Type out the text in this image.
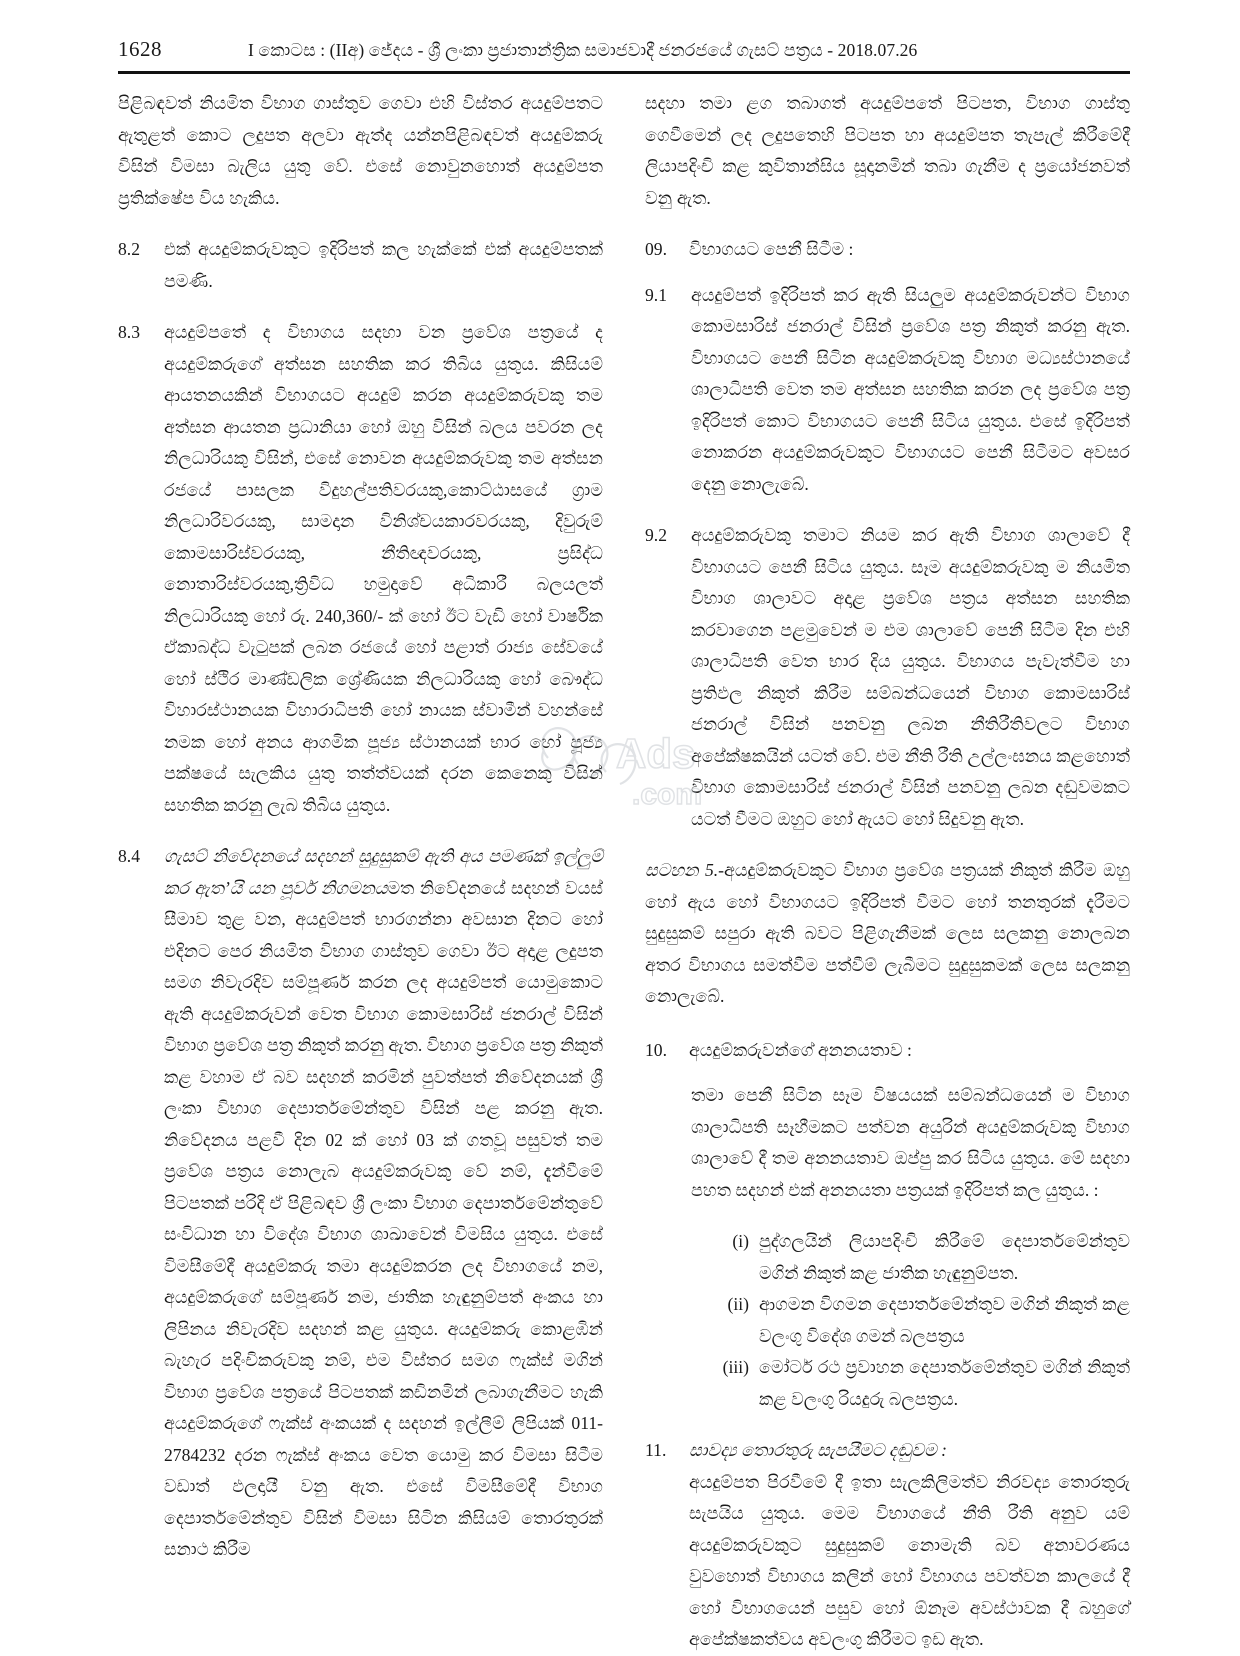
1628	I කොටස : (IIඅ) ජේදය - ශ්‍රී ලංකා ප්‍රජාතාන්ත්‍රික සමාජවාදී ජනරජයේ ගැසට් පත්‍රය - 2018.07.26

පිළිබඳවත් නියමිත විභාග ගාස්තුව ගෙවා එහි විස්තර අයදුම්පතට ඇතුළත් කොට ලදුපත අලවා ඇත්ද යන්නපිළිබඳවත් අයදුම්කරු විසින් විමසා බැලිය යුතු වේ. එසේ නොවුනහොත් අයදුම්පත ප්‍රතික්ෂේප විය හැකිය.

8.2	එක් අයදුම්කරුවකුට ඉදිරිපත් කල හැක්කේ එක් අයදුම්පතක් පමණි.
8.3	අයදුම්පතේ ද විභාගය සදහා වන ප්‍රවේශ පත්‍රයේ ද අයදුම්කරුගේ අත්සන සහතික කර තිබිය යුතුය. කිසියම් ආයතනයකින් විභාගයට අයදුම් කරන අයදුම්කරුවකු තම අත්සන ආයතන ප්‍රධානියා හෝ ඔහු විසින් බලය පවරන ලද නිලධාරියකු විසින්, එසේ නොවන අයදුම්කරුවකු තම අත්සන රජයේ පාසලක විදුහල්පතිවරයකු,කොට්ඨාසයේ ග්‍රාම නිලධාරිවරයකු, සාමදාන විනිශ්චයකාරවරයකු, දිවුරුම් කොමසාරිස්වරයකු, නීතිඥවරයකු, ප්‍රසිද්ධ නොතාරිස්වරයකු,ත්‍රිවිධ හමුදාවේ අධිකාරී බලයලත් නිලධාරියකු හෝ රු. 240,360/- ක් හෝ ඊට වැඩි හෝ වාර්ෂික ඒකාබද්ධ වැටුපක් ලබන රජයේ හෝ පළාත් රාජ්‍ය සේවයේ හෝ ස්ථිර මාණ්ඩලික ශ්‍රේණියක නිලධාරියකු හෝ බෞද්ධ විහාරස්ථානයක විහාරාධිපති හෝ නායක ස්වාමීන් වහන්සේ නමක හෝ අනය ආගමික පූජ්‍ය ස්ථානයක් භාර හෝ පූජ්‍ය පක්ෂයේ සැලකිය යුතු තත්ත්වයක් දරන කෙනෙකු විසින් සහතික කරනු ලැබ තිබිය යුතුය.
8.4	ගැසට් නිවේදනයේ සදහන් සුදුසුකම් ඇති අය පමණක් ඉල්ලුම් කර ඇත’යි යන පූර්ව නිගමනයමත නිවේදනයේ සදහන් වයස් සීමාව තුළ වන, අයදුම්පත් භාරගන්නා අවසාන දිනට හෝ එදිනට පෙර නියමිත විභාග ගාස්තුව ගෙවා ඊට අදාළ ලදුපත සමග නිවැරදිව සම්පූර්ණ කරන ලද අයදුම්පත් යොමුකොට ඇති අයදුම්කරුවන් වෙත විභාග කොමසාරිස් ජනරාල් විසින් විභාග ප්‍රවේශ පත්‍ර නිකුත් කරනු ඇත. විභාග ප්‍රවේශ පත්‍ර නිකුත් කළ වහාම ඒ බව සදහන් කරමින් පුවත්පත් නිවේදනයක් ශ්‍රී ලංකා විභාග දෙපාර්තමේන්තුව විසින් පළ කරනු ඇත. නිවේදනය පළවී දින 02 ක් හෝ 03 ක් ගතවූ පසුවත් තම ප්‍රවේශ පත්‍රය නොලැබ අයදුම්කරුවකු වේ නම්, දැන්වීමේ පිටපතක් පරිදි ඒ පිළිබඳව ශ්‍රී ලංකා විභාග දෙපාර්තමේන්තුවේ සංවිධාන හා විදේශ විභාග ශාඛාවෙන් විමසිය යුතුය. එසේ විමසීමේදී අයදුම්කරු තමා අයදුම්කරන ලද විභාගයේ නම, අයදුම්කරුගේ සම්පූර්ණ නම, ජාතික හැඳුනුම්පත් අංකය හා ලිපිනය නිවැරදිව සදහන් කළ යුතුය. අයදුම්කරු කොළඹින් බැහැර පදිංචිකරුවකු නම්, එම විස්තර සමග ෆැක්ස් මගින් විභාග ප්‍රවේශ පත්‍රයේ පිටපතක් කඩිනමින් ලබාගැනීමට හැකි අයදුම්කරුගේ ෆැක්ස් අංකයක් ද සදහන් ඉල්ලීම් ලිපියක් 011-2784232 දරන ෆැක්ස් අංකය වෙත යොමු කර විමසා සිටීම වඩාත් ඵලදායී වනු ඇත. එසේ විමසීමේදී විභාග දෙපාර්තමේන්තුව විසින් විමසා සිටින කිසියම් තොරතුරක් සනාථ කිරීම

සදහා තමා ළග තබාගත් අයදුම්පතේ පිටපත, විභාග ගාස්තු ගෙවීමෙන් ලද ලදුපතෙහි පිටපත හා අයදුම්පත තැපැල් කිරීමේදී ලියාපදිංචි කළ කුවිතාන්සිය සූදානමින් තබා ගැනීම ද ප්‍රයෝජනවත් වනු ඇත.

09.	විභාගයට පෙනී සිටීම :
9.1	අයදුම්පත් ඉදිරිපත් කර ඇති සියලුම අයදුම්කරුවන්ට විභාග කොමසාරිස් ජනරාල් විසින් ප්‍රවේශ පත්‍ර නිකුත් කරනු ඇත. විභාගයට පෙනී සිටින අයදුම්කරුවකු විභාග මධ්‍යස්ථානයේ ශාලාධිපති වෙත තම අත්සන සහතික කරන ලද ප්‍රවේශ පත්‍ර ඉදිරිපත් කොට විභාගයට පෙනී සිටිය යුතුය. එසේ ඉදිරිපත් නොකරන අයදුම්කරුවකුට විභාගයට පෙනී සිටීමට අවසර දෙනු නොලැබේ.
9.2	අයදුම්කරුවකු තමාට නියම කර ඇති විභාග ශාලාවේ දී විභාගයට පෙනී සිටිය යුතුය. සෑම අයදුම්කරුවකු ම නියමිත විභාග ශාලාවට අදාළ ප්‍රවේශ පත්‍රය අත්සන සහතික කරවාගෙන පළමුවෙන් ම එම ශාලාවේ පෙනී සිටීම දින එහි ශාලාධිපති වෙත භාර දිය යුතුය. විභාගය පැවැත්වීම හා ප්‍රතිඵල නිකුත් කිරීම සම්බන්ධයෙන් විභාග කොමසාරිස් ජනරාල් විසින් පනවනු ලබන නීතිරීතිවලට විභාග අපේක්ෂකයින් යටත් වේ. එම නීති රීති උල්ලංඝනය කළහොත් විභාග කොමසාරිස් ජනරාල් විසින් පනවනු ලබන දඬුවමකට යටත් වීමට ඔහුට හෝ ඇයට හෝ සිදුවනු ඇත.
සටහන 5.-අයදුම්කරුවකුට විභාග ප්‍රවේශ පත්‍රයක් නිකුත් කිරීම ඔහු හෝ ඇය හෝ විභාගයට ඉදිරිපත් වීමට හෝ තනතුරක් දැරීමට සුදුසුකම් සපුරා ඇති බවට පිළිගැනීමක් ලෙස සලකනු නොලබන අතර විභාගය සමත්වීම පත්වීම් ලැබීමට සුදුසුකමක් ලෙස සලකනු නොලැබේ.
10.	අයදුම්කරුවන්ගේ අනනයතාව :
තමා පෙනී සිටින සෑම විෂයයක් සම්බන්ධයෙන් ම විභාග ශාලාධිපති සෑහීමකට පත්වන අයුරින් අයදුම්කරුවකු විභාග ශාලාවේ දී තම අනනයතාව ඔප්පු කර සිටිය යුතුය. මේ සදහා පහත සදහන් එක් අනනයතා පත්‍රයක් ඉදිරිපත් කල යුතුය. :
(i) පුද්ගලයින් ලියාපදිංචි කිරීමේ දෙපාර්තමේන්තුව මගින් නිකුත් කළ ජාතික හැඳුනුම්පත.
(ii) ආගමන විගමන දෙපාර්තමේන්තුව මගින් නිකුත් කළ වලංගු විදේශ ගමන් බලපත්‍රය
(iii) මෝටර් රථ ප්‍රවාහන දෙපාර්තමේන්තුව මගින් නිකුත් කළ වලංගු රියදුරු බලපත්‍රය.
11.	සාවද්‍ය තොරතුරු සැපයීමට දඬුවම :
අයදුම්පත පිරවීමේ දී ඉතා සැලකිලිමත්ව නිරවද්‍ය තොරතුරු සැපයිය යුතුය. මෙම විභාගයේ නීති රීති අනුව යම් අයදුම්කරුවකුට සුදුසුකම් නොමැති බව අනාවරණය වුවහොත් විභාගය කලින් හෝ විභාගය පවත්වන කාලයේ දී හෝ විභාගයෙන් පසුව හෝ ඕනෑම අවස්ථාවක දී බහුගේ අපේක්ෂකත්වය අවලංගු කිරීමට ඉඩ ඇත.
Ads
.com
